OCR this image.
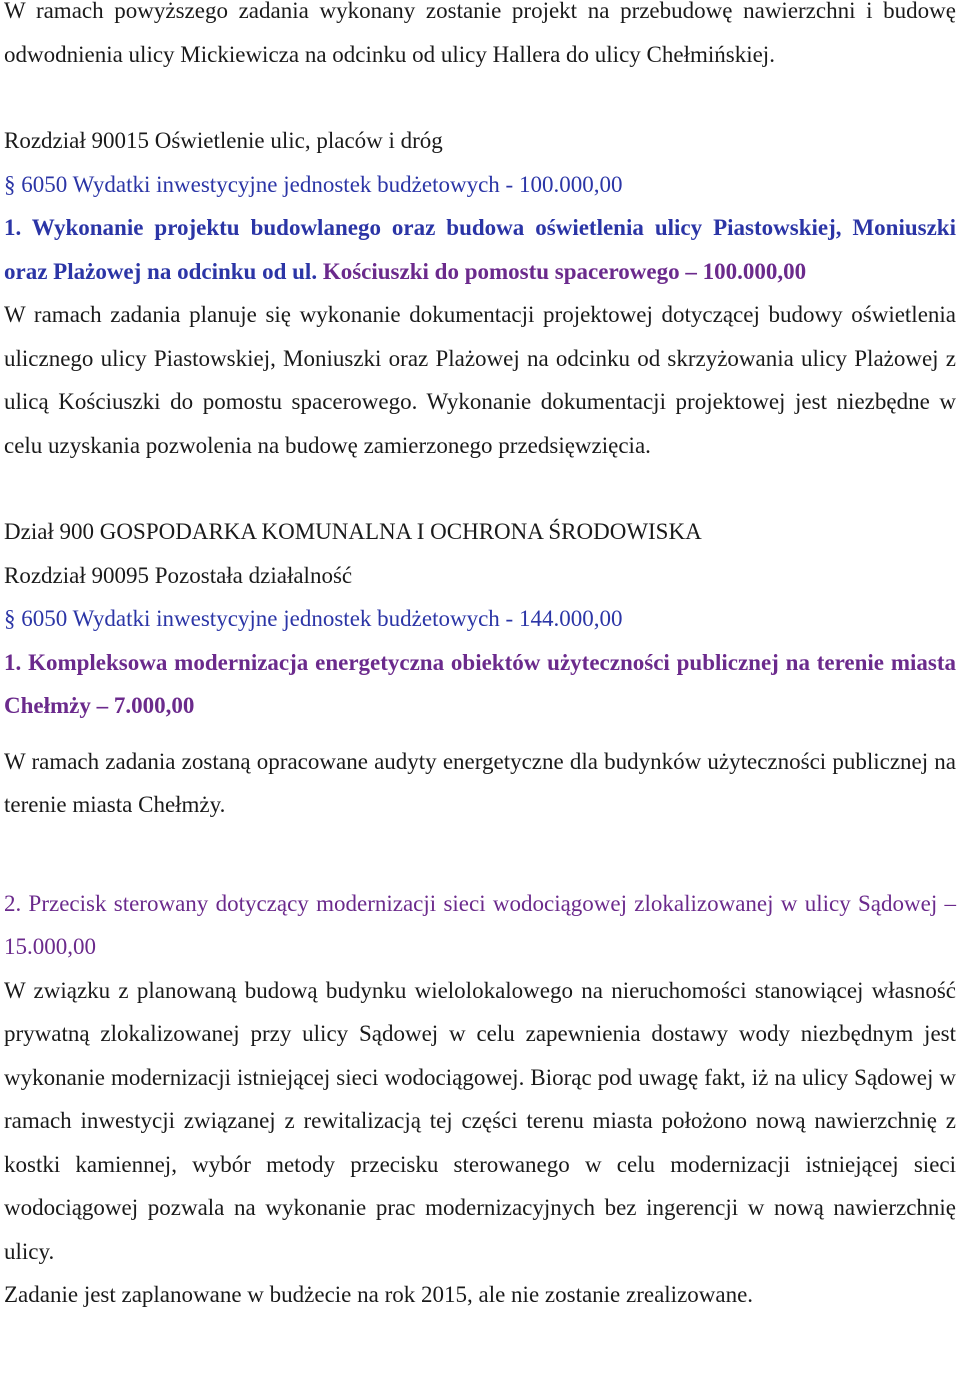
W ramach powyższego zadania wykonany zostanie projekt na przebudowę nawierzchni i budowę odwodnienia ulicy Mickiewicza na odcinku od ulicy Hallera do ulicy Chełmińskiej.

Rozdział 90015 Oświetlenie ulic, placów i dróg

§ 6050 Wydatki inwestycyjne jednostek budżetowych - 100.000,00

1. Wykonanie projektu budowlanego oraz budowa oświetlenia ulicy Piastowskiej, Moniuszki oraz Plażowej na odcinku od ul. Kościuszki do pomostu spacerowego – 100.000,00

W ramach zadania planuje się wykonanie dokumentacji projektowej dotyczącej budowy oświetlenia ulicznego ulicy Piastowskiej, Moniuszki oraz Plażowej na odcinku od skrzyżowania ulicy Plażowej z ulicą Kościuszki do pomostu spacerowego. Wykonanie dokumentacji projektowej jest niezbędne w celu uzyskania pozwolenia na budowę zamierzonego przedsięwzięcia.

Dział 900 GOSPODARKA KOMUNALNA I OCHRONA ŚRODOWISKA

Rozdział 90095 Pozostała działalność

§ 6050 Wydatki inwestycyjne jednostek budżetowych - 144.000,00

1. Kompleksowa modernizacja energetyczna obiektów użyteczności publicznej na terenie miasta Chełmży – 7.000,00

W ramach zadania zostaną opracowane audyty energetyczne dla budynków użyteczności publicznej na terenie miasta Chełmży.

2. Przecisk sterowany dotyczący modernizacji sieci wodociągowej zlokalizowanej w ulicy Sądowej – 15.000,00

W związku z planowaną budową budynku wielolokalowego na nieruchomości stanowiącej własność prywatną zlokalizowanej przy ulicy Sądowej w celu zapewnienia dostawy wody niezbędnym jest wykonanie modernizacji istniejącej sieci wodociągowej. Biorąc pod uwagę fakt, iż na ulicy Sądowej w ramach inwestycji związanej z rewitalizacją tej części terenu miasta położono nową nawierzchnię z kostki kamiennej, wybór metody przecisku sterowanego w celu modernizacji istniejącej sieci wodociągowej pozwala na wykonanie prac modernizacyjnych bez ingerencji w nową nawierzchnię ulicy.

Zadanie jest zaplanowane w budżecie na rok 2015, ale nie zostanie zrealizowane.
